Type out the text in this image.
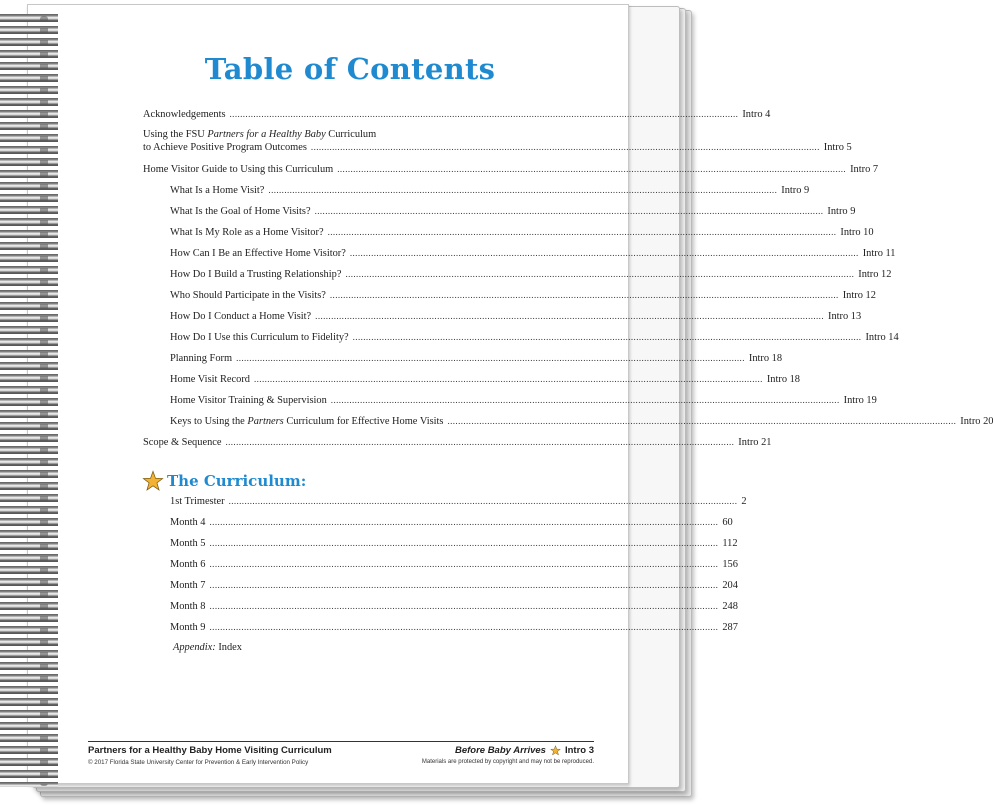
Table of Contents
Acknowledgements ................................................................................................................................................................................................ Intro 4
Using the FSU Partners for a Healthy Baby Curriculum
to Achieve Positive Program Outcomes ................................................................................................................................................................................................ Intro 5
Home Visitor Guide to Using this Curriculum ................................................................................................................................................................................................ Intro 7
What Is a Home Visit? ................................................................................................................................................................................................ Intro 9
What Is the Goal of Home Visits? ................................................................................................................................................................................................ Intro 9
What Is My Role as a Home Visitor? ................................................................................................................................................................................................ Intro 10
How Can I Be an Effective Home Visitor? ................................................................................................................................................................................................ Intro 11
How Do I Build a Trusting Relationship? ................................................................................................................................................................................................ Intro 12
Who Should Participate in the Visits? ................................................................................................................................................................................................ Intro 12
How Do I Conduct a Home Visit? ................................................................................................................................................................................................ Intro 13
How Do I Use this Curriculum to Fidelity? ................................................................................................................................................................................................ Intro 14
Planning Form ................................................................................................................................................................................................ Intro 18
Home Visit Record ................................................................................................................................................................................................ Intro 18
Home Visitor Training & Supervision ................................................................................................................................................................................................ Intro 19
Keys to Using the Partners Curriculum for Effective Home Visits ................................................................................................................................................................................................ Intro 20
Scope & Sequence ................................................................................................................................................................................................ Intro 21
The Curriculum:
1st Trimester ................................................................................................................................................................................................ 2
Month 4 ................................................................................................................................................................................................ 60
Month 5 ................................................................................................................................................................................................ 112
Month 6 ................................................................................................................................................................................................ 156
Month 7 ................................................................................................................................................................................................ 204
Month 8 ................................................................................................................................................................................................ 248
Month 9 ................................................................................................................................................................................................ 287
Appendix: Index
Partners for a Healthy Baby Home Visiting Curriculum
© 2017 Florida State University Center for Prevention & Early Intervention Policy
Before Baby Arrives Intro 3
Materials are protected by copyright and may not be reproduced.
